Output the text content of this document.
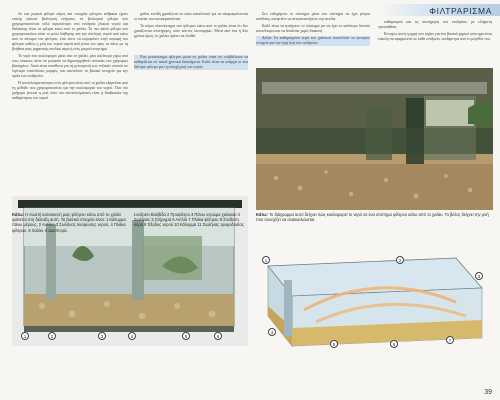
ΦΙΛΤΡΑΡΙΣΜΑ

Αν και μερικά φίλτρα αέρος και στοιχεία φίλτρου ανθρακα έχουν επίσης κάποια βιολογική ενέργεια, τα βιολογικά φίλτρα που χρησιμοποιούνται πολύ περισσότερο στα ενυδρεία γλυκού νερού και θαλάσσης είναι τα φίλτρα κάτω από το χαλίκι. Το πιο παλιό φίλτρο που χρησιμοποιείται είναι το μέσο διήθησης και την άντληση νερού από κάτω από το πάτωμα του φίλτρου, έτσι ώστε να κορυφώνει στην κορυφή του φίλτρου καθώς η ροή του νερού περνά από μέσα του προς τα πάνω με τη βοήθεια μιας μηχανικής αντλίας αέρα ή ενός μικρού κινητήρα.

Το νερό που κυκλοφορεί μέσα από το χαλίκι, ρέει καλύτερα γύρω από τους κόκκους ώστε να μπορούν να δημιουργηθούν αποικίες των χρήσιμων βακτηρίων. Αυτά είναι υπεύθυνα για τη μετατροπή των τοξικών ουσιών σε λιγότερο επικίνδυνες μορφές, και αποτελούν το βασικό στοιχείο για την υγεία του ενυδρείου.

Η αποτελεσματικότητα ενός φίλτρου κάτω από το χαλίκι εξαρτάται από τη μέθοδο που χρησιμοποιείται για την κυκλοφορία του νερού. Όσο πιο γρήγορα γίνεται η ροή τόσο πιο αποτελεσματική είναι η διαδικασία της καθαρότητας του νερού.

χαλίκι επειδή χρειάζεται να είναι καταλυτικό για να απομακρύνονται οι ουσίες που κατακρατούνται.

Το κύριο πλεονέκτημα των φίλτρων κάτω από το χαλίκι είναι ότι δεν χρειάζονται συντήρηση, ούτε κόστος λειτουργίας. Μετά από ένα ή δύο χρόνια όμως, το χαλίκι πρέπει να πλυθεί.

Ένα μειονέκτημα φίλτρου μέσα σε χαλίκι είναι ότι επιβάλλεται να καθαρίζεται σε τακτά χρονικά διαστήματα. Καλό είναι να υπάρχει κι ένα δεύτερο φίλτρο για τη συνεχή ροή του νερού.

Στο ενδεχόμενο το σύστημα μέσα στο σύστημα να έχει μέτρια απόδοση, σκεφτείτε να αντικαταστήσετε την αντλία.

Καλό είναι να φτιάχνετε το σύστημα για να έχει το καλύτερο δυνατό αποτέλεσμα και να δουλεύει χωρίς διακοπή.

Δεξιά: Τα καθαρισμένα νερά του χαλικιού αποτελούν το κεντρικό στοιχείο για την υγιή ζωή του ενυδρείου.

καθαρισμού και τη συντήρηση του ενυδρείου με ελάχιστη προσπάθεια.

Ευτυχώς αυτή η αρχή που ισχύει για ένα βασικό χημικό σύστημα είναι εύκολη να εφαρμοστεί σε κάθε ενυδρείο, ανεξάρτητα από το μέγεθός του.

1	2	3	4	5	6
Κάτω: Η σωστή κατασκευή μιας φίλτρου κάτω από το χαλίκι φαίνεται στη διάταξη αυτή. Τα βασικά στοιχεία είναι: 1 Κάλυμμα πάνω μέρους, 2 Αντλία, 3 Σωλήνας ανύψωσης νερού, 4 Πλάκα φίλτρου, 5 Χαλίκι, 6 Διασπορά.
ενυδρείο Βαλβίδα 2 Προφίλτρο 3 Πάνω στρώμα χαλικιού 4 Σωλήνας 5 Στήριγμα 6 Αντλία 7 Πλάκα φίλτρου 8 Σύνδεση αέρα 9 Έξοδος νερού 10 Κάλυμμα 11 Σωλήνας τροφοδοσίας.
Κάτω: Το διάγραμμα αυτό δείχνει πώς κυκλοφορεί το νερό σε ένα σύστημα φίλτρου κάτω από το χαλίκι. Το βέλος δείχνει την ροή που συνεχίζει να ανακυκλώνεται.
1	2
3
4
5	6
7
39
